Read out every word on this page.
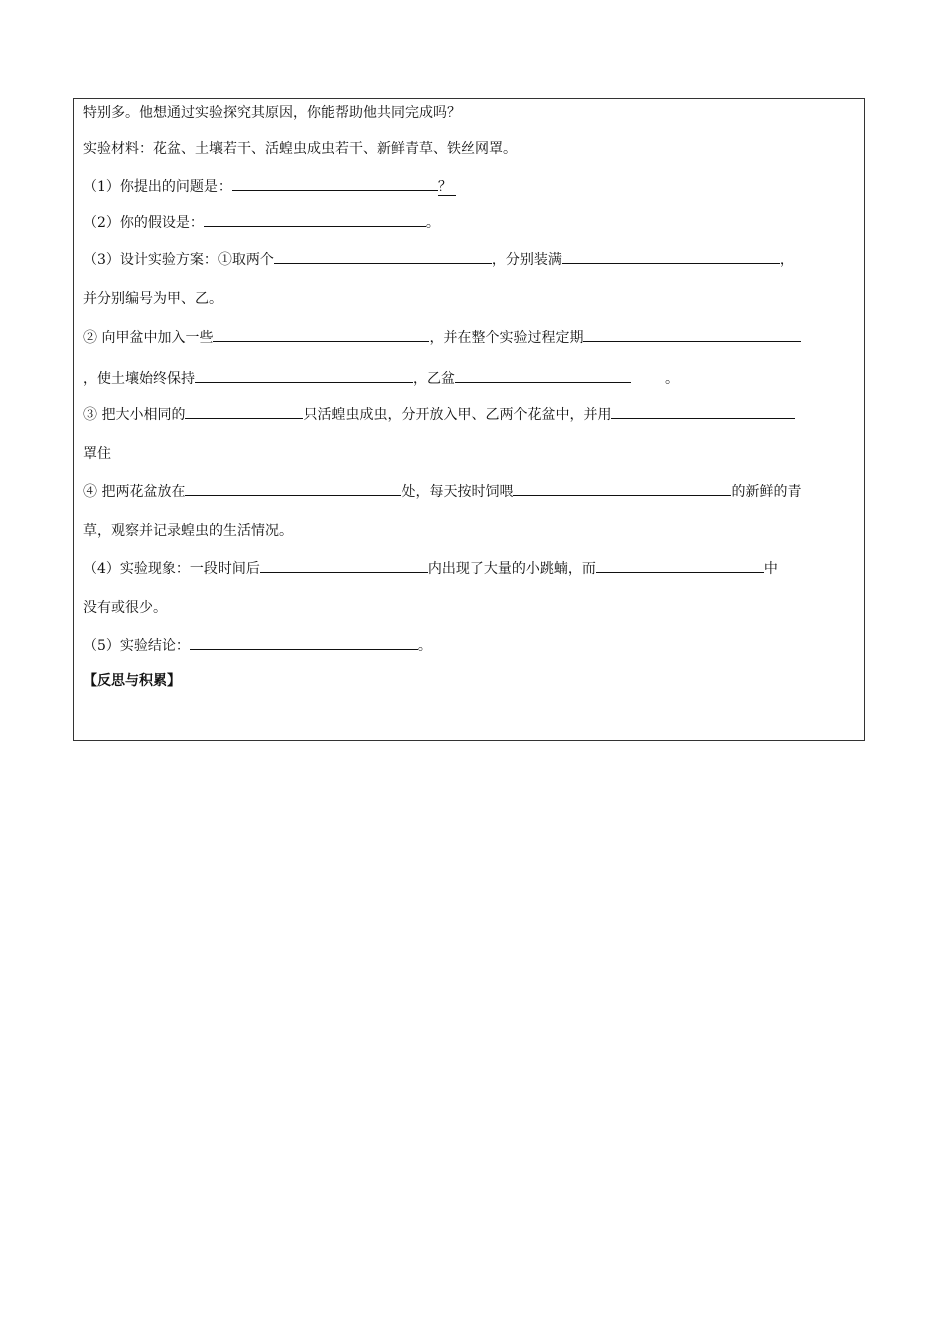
特别多。他想通过实验探究其原因，你能帮助他共同完成吗？
实验材料：花盆、土壤若干、活蝗虫成虫若干、新鲜青草、铁丝网罩。
（1）你提出的问题是：	？
（2）你的假设是：	。
（3）设计实验方案：①取两个	，分别装满	，
并分别编号为甲、乙。
② 向甲盆中加入一些	，并在整个实验过程定期
，使土壤始终保持	，乙盆	。
③ 把大小相同的	只活蝗虫成虫，分开放入甲、乙两个花盆中，并用
罩住
④ 把两花盆放在	处，每天按时饲喂	的新鲜的青
草，观察并记录蝗虫的生活情况。
（4）实验现象：一段时间后	内出现了大量的小跳蝻，而	中
没有或很少。
（5）实验结论：	。
【反思与积累】
